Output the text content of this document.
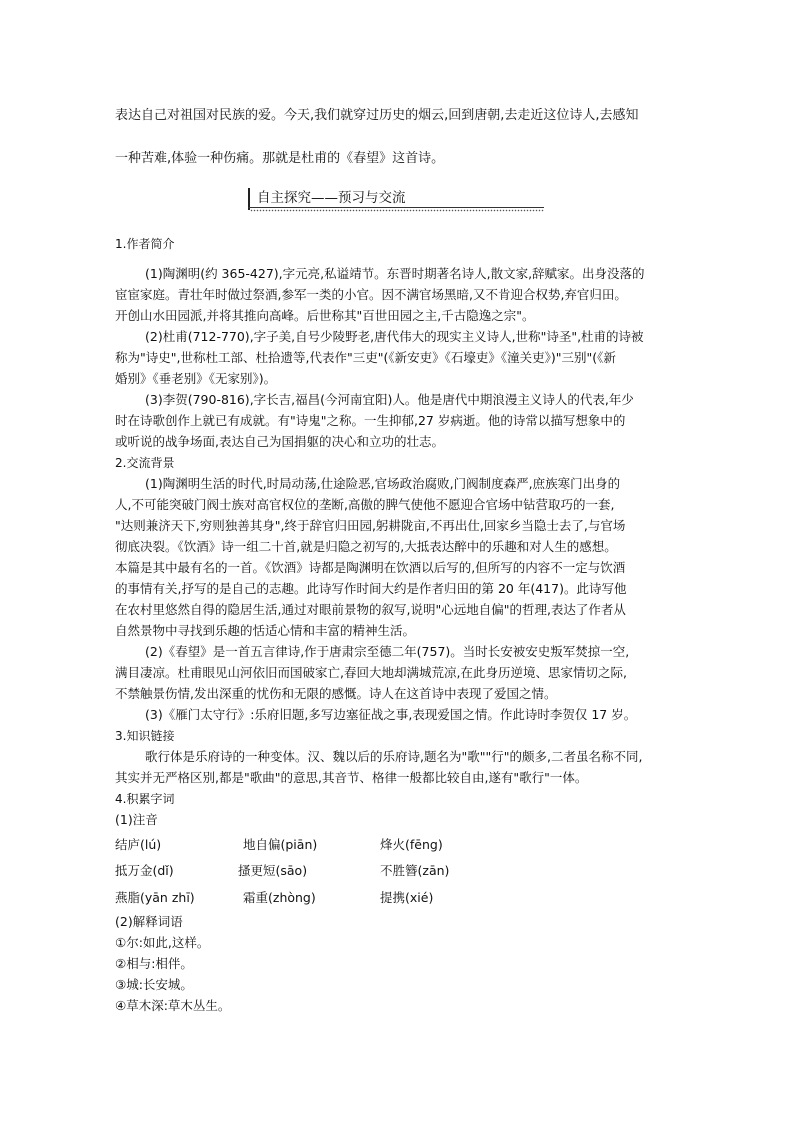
表达自己对祖国对民族的爱。今天,我们就穿过历史的烟云,回到唐朝,去走近这位诗人,去感知
一种苦难,体验一种伤痛。那就是杜甫的《春望》这首诗。
自主探究——预习与交流
1.作者简介
(1)陶渊明(约 365-427),字元亮,私谥靖节。东晋时期著名诗人,散文家,辞赋家。出身没落的
宦宦家庭。青壮年时做过祭酒,参军一类的小官。因不满官场黑暗,又不肯迎合权势,弃官归田。
开创山水田园派,并将其推向高峰。后世称其"百世田园之主,千古隐逸之宗"。
(2)杜甫(712-770),字子美,自号少陵野老,唐代伟大的现实主义诗人,世称"诗圣",杜甫的诗被
称为"诗史",世称杜工部、杜拾遗等,代表作"三吏"(《新安吏》《石壕吏》《潼关吏》)"三别"(《新
婚别》《垂老别》《无家别》)。
(3)李贺(790-816),字长吉,福昌(今河南宜阳)人。他是唐代中期浪漫主义诗人的代表,年少
时在诗歌创作上就已有成就。有"诗鬼"之称。一生抑郁,27 岁病逝。他的诗常以描写想象中的
或听说的战争场面,表达自己为国捐躯的决心和立功的壮志。
2.交流背景
(1)陶渊明生活的时代,时局动荡,仕途险恶,官场政治腐败,门阀制度森严,庶族寒门出身的
人,不可能突破门阀士族对高官权位的垄断,高傲的脾气使他不愿迎合官场中钻营取巧的一套,
"达则兼济天下,穷则独善其身",终于辞官归田园,躬耕陇亩,不再出仕,回家乡当隐士去了,与官场
彻底决裂。《饮酒》诗一组二十首,就是归隐之初写的,大抵表达醉中的乐趣和对人生的感想。
本篇是其中最有名的一首。《饮酒》诗都是陶渊明在饮酒以后写的,但所写的内容不一定与饮酒
的事情有关,抒写的是自己的志趣。此诗写作时间大约是作者归田的第 20 年(417)。此诗写他
在农村里悠然自得的隐居生活,通过对眼前景物的叙写,说明"心远地自偏"的哲理,表达了作者从
自然景物中寻找到乐趣的恬适心情和丰富的精神生活。
(2)《春望》是一首五言律诗,作于唐肃宗至德二年(757)。当时长安被安史叛军焚掠一空,
满目凄凉。杜甫眼见山河依旧而国破家亡,春回大地却满城荒凉,在此身历逆境、思家情切之际,
不禁触景伤情,发出深重的忧伤和无限的感慨。诗人在这首诗中表现了爱国之情。
(3)《雁门太守行》:乐府旧题,多写边塞征战之事,表现爱国之情。作此诗时李贺仅 17 岁。
3.知识链接
歌行体是乐府诗的一种变体。汉、魏以后的乐府诗,题名为"歌""行"的颇多,二者虽名称不同,
其实并无严格区别,都是"歌曲"的意思,其音节、格律一般都比较自由,遂有"歌行"一体。
4.积累字词
(1)注音
结庐(lú)	地自偏(piān)	烽火(fēng)
抵万金(dǐ)	搔更短(sāo)	不胜簪(zān)
燕脂(yān zhī)	霜重(zhòng)	提携(xié)
(2)解释词语
①尔:如此,这样。
②相与:相伴。
③城:长安城。
④草木深:草木丛生。
